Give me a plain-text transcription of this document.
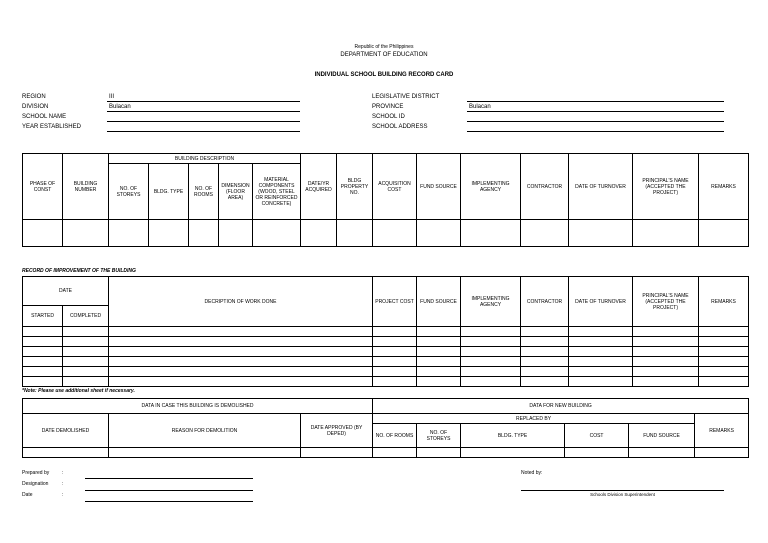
Republic of the Philippines
DEPARTMENT OF EDUCATION
INDIVIDUAL SCHOOL BUILDING RECORD CARD
REGION	III
DIVISION	Bulacan
SCHOOL NAME
YEAR ESTABLISHED
LEGISLATIVE DISTRICT
PROVINCE	Bulacan
SCHOOL ID
SCHOOL ADDRESS
PHASE OF CONST	BUILDING NUMBER	BUILDING DESCRIPTION					DATE/YR ACQUIRED	BLDG PROPERTY NO.	ACQUISITION COST	FUND SOURCE	IMPLEMENTING AGENCY	CONTRACTOR	DATE OF TURNOVER	PRINCIPAL'S NAME (ACCEPTED THE PROJECT)	REMARKS
		NO. OF STOREYS	BLDG. TYPE	NO. OF ROOMS	DIMENSION (FLOOR AREA)	MATERIAL COMPONENTS (WOOD, STEEL OR REINFORCED CONCRETE)									

RECORD OF IMPROVEMENT OF THE BUILDING
DATE		DECRIPTION OF WORK DONE	PROJECT COST	FUND SOURCE	IMPLEMENTING AGENCY	CONTRACTOR	DATE OF TURNOVER	PRINCIPAL'S NAME (ACCEPTED THE PROJECT)	REMARKS
STARTED	COMPLETED								

*Note: Please use additional sheet if necessary.
DATA IN CASE THIS BUILDING IS DEMOLISHED			DATA FOR NEW BUILDING					
DATE DEMOLISHED	REASON FOR DEMOLITION	DATE APPROVED (BY DEPED)	REPLACED BY					REMARKS
			NO. OF ROOMS	NO. OF STOREYS	BLDG. TYPE	COST	FUND SOURCE	

Prepared by	:
Designation	:
Date	:
Noted by:
Schools Division Superintendent
